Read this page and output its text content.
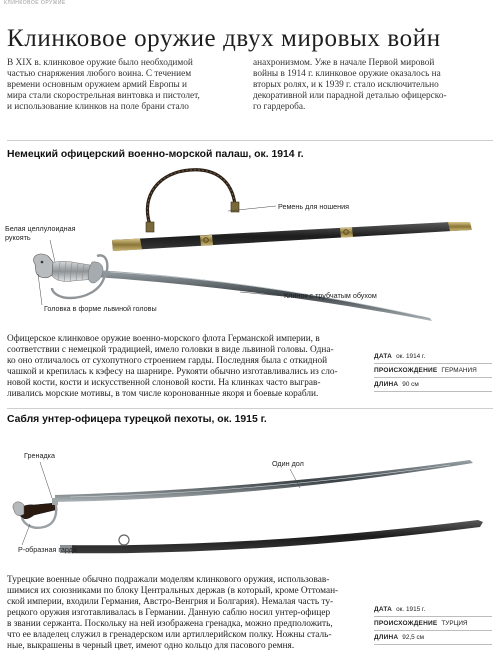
КЛИНКОВОЕ ОРУЖИЕ
Клинковое оружие двух мировых войн
В XIX в. клинковое оружие было необходимой
частью снаряжения любого воина. С течением
времени основным оружием армий Европы и
мира стали скорострельная винтовка и пистолет,
и использование клинков на поле брани стало
анахронизмом. Уже в начале Первой мировой
войны в 1914 г. клинковое оружие оказалось на
вторых ролях, и к 1939 г. стало исключительно
декоративной или парадной деталью офицерско-
го гардероба.
Немецкий офицерский военно-морской палаш, ок. 1914 г.
Ремень для ношения
Белая целлулоидная
рукоять
Головка в форме львиной головы
Клинок с трубчатым обухом
Офицерское клинковое оружие военно-морского флота Германской империи, в
соответствии с немецкой традицией, имело головки в виде львиной головы. Одна-
ко оно отличалось от сухопутного строением гарды. Последняя была с откидной
чашкой и крепилась к кэфесу на шарнире. Рукояти обычно изготавливались из сло-
новой кости, кости и искусственной слоновой кости. На клинках часто выграв-
ливались морские мотивы, в том числе коронованные якоря и боевые корабли.
ДАТА ок. 1914 г.
ПРОИСХОЖДЕНИЕ ГЕРМАНИЯ
ДЛИНА 90 см
Сабля унтер-офицера турецкой пехоты, ок. 1915 г.
Гренадка
Один дол
P-образная гарда
Турецкие военные обычно подражали моделям клинкового оружия, использовав-
шимися их союзниками по блоку Центральных держав (в который, кроме Оттоман-
ской империи, входили Германия, Австро-Венгрия и Болгария). Немалая часть ту-
рецкого оружия изготавливалась в Германии. Данную саблю носил унтер-офицер
в звании сержанта. Поскольку на ней изображена гренадка, можно предположить,
что ее владелец служил в гренадерском или артиллерийском полку. Ножны сталь-
ные, выкрашены в черный цвет, имеют одно кольцо для пасового ремня.
ДАТА ок. 1915 г.
ПРОИСХОЖДЕНИЕ ТУРЦИЯ
ДЛИНА 92,5 см
